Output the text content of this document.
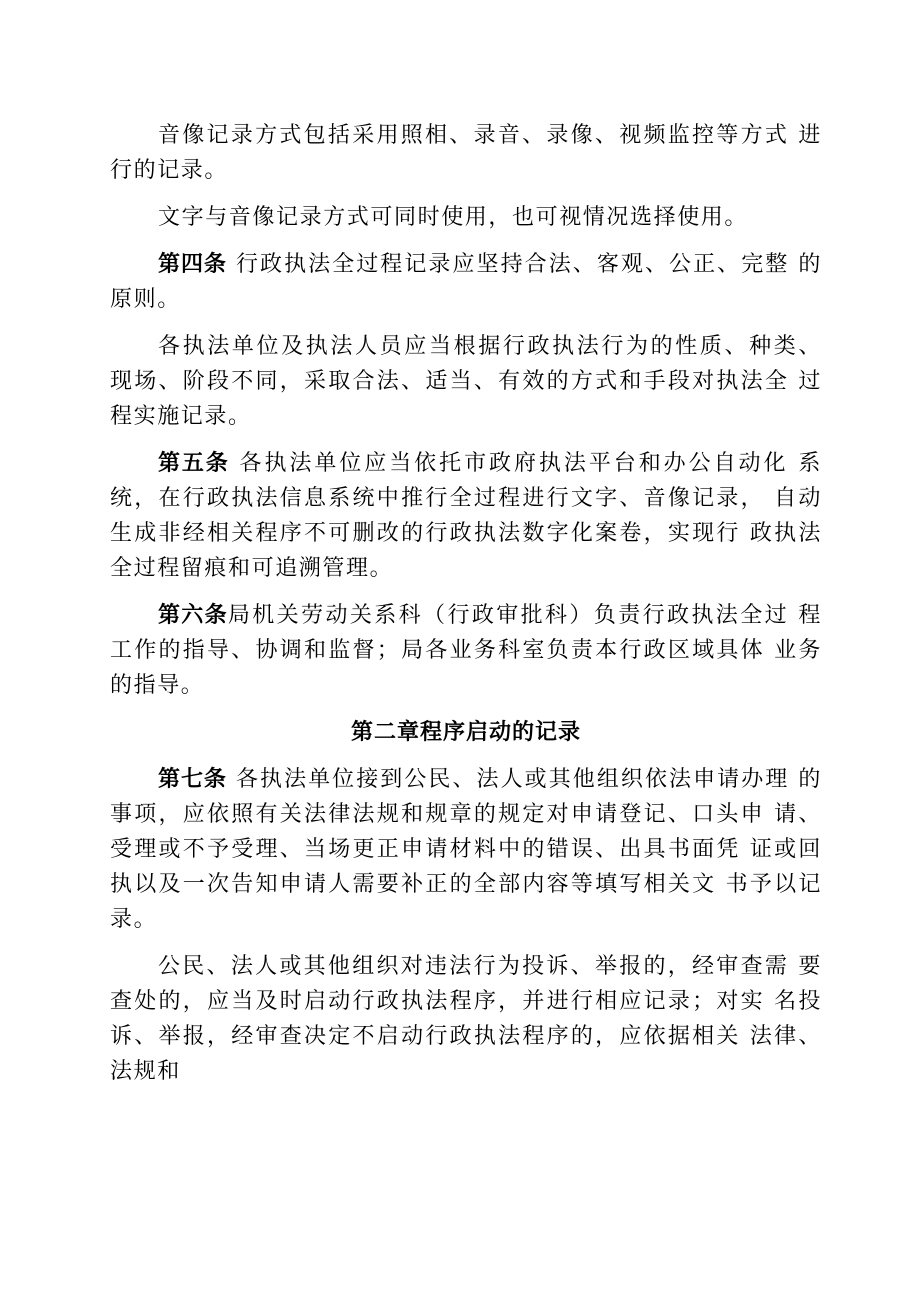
音像记录方式包括采用照相、录音、录像、视频监控等方式 进行的记录。

文字与音像记录方式可同时使用，也可视情况选择使用。

第四条 行政执法全过程记录应坚持合法、客观、公正、完整 的原则。

各执法单位及执法人员应当根据行政执法行为的性质、种类、 现场、阶段不同，采取合法、适当、有效的方式和手段对执法全 过程实施记录。

第五条 各执法单位应当依托市政府执法平台和办公自动化 系统，在行政执法信息系统中推行全过程进行文字、音像记录， 自动生成非经相关程序不可删改的行政执法数字化案卷，实现行 政执法全过程留痕和可追溯管理。

第六条局机关劳动关系科（行政审批科）负责行政执法全过 程工作的指导、协调和监督；局各业务科室负责本行政区域具体 业务的指导。

第二章程序启动的记录

第七条 各执法单位接到公民、法人或其他组织依法申请办理 的事项，应依照有关法律法规和规章的规定对申请登记、口头申 请、受理或不予受理、当场更正申请材料中的错误、出具书面凭 证或回执以及一次告知申请人需要补正的全部内容等填写相关文 书予以记录。

公民、法人或其他组织对违法行为投诉、举报的，经审查需 要查处的，应当及时启动行政执法程序，并进行相应记录；对实 名投诉、举报，经审查决定不启动行政执法程序的，应依据相关 法律、法规和
